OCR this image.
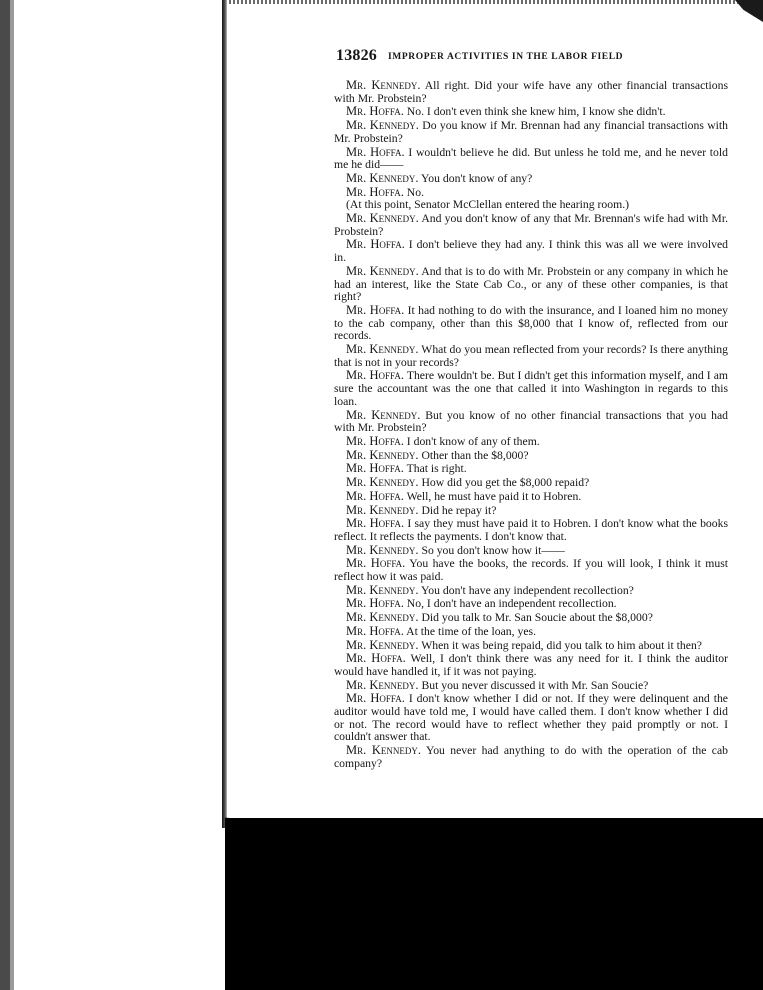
13826 IMPROPER ACTIVITIES IN THE LABOR FIELD

Mr. Kennedy. All right. Did your wife have any other financial transactions with Mr. Probstein?

Mr. Hoffa. No. I don't even think she knew him, I know she didn't.

Mr. Kennedy. Do you know if Mr. Brennan had any financial transactions with Mr. Probstein?

Mr. Hoffa. I wouldn't believe he did. But unless he told me, and he never told me he did——

Mr. Kennedy. You don't know of any?

Mr. Hoffa. No.

(At this point, Senator McClellan entered the hearing room.)

Mr. Kennedy. And you don't know of any that Mr. Brennan's wife had with Mr. Probstein?

Mr. Hoffa. I don't believe they had any. I think this was all we were involved in.

Mr. Kennedy. And that is to do with Mr. Probstein or any company in which he had an interest, like the State Cab Co., or any of these other companies, is that right?

Mr. Hoffa. It had nothing to do with the insurance, and I loaned him no money to the cab company, other than this $8,000 that I know of, reflected from our records.

Mr. Kennedy. What do you mean reflected from your records? Is there anything that is not in your records?

Mr. Hoffa. There wouldn't be. But I didn't get this information myself, and I am sure the accountant was the one that called it into Washington in regards to this loan.

Mr. Kennedy. But you know of no other financial transactions that you had with Mr. Probstein?

Mr. Hoffa. I don't know of any of them.

Mr. Kennedy. Other than the $8,000?

Mr. Hoffa. That is right.

Mr. Kennedy. How did you get the $8,000 repaid?

Mr. Hoffa. Well, he must have paid it to Hobren.

Mr. Kennedy. Did he repay it?

Mr. Hoffa. I say they must have paid it to Hobren. I don't know what the books reflect. It reflects the payments. I don't know that.

Mr. Kennedy. So you don't know how it——

Mr. Hoffa. You have the books, the records. If you will look, I think it must reflect how it was paid.

Mr. Kennedy. You don't have any independent recollection?

Mr. Hoffa. No, I don't have an independent recollection.

Mr. Kennedy. Did you talk to Mr. San Soucie about the $8,000?

Mr. Hoffa. At the time of the loan, yes.

Mr. Kennedy. When it was being repaid, did you talk to him about it then?

Mr. Hoffa. Well, I don't think there was any need for it. I think the auditor would have handled it, if it was not paying.

Mr. Kennedy. But you never discussed it with Mr. San Soucie?

Mr. Hoffa. I don't know whether I did or not. If they were delinquent and the auditor would have told me, I would have called them. I don't know whether I did or not. The record would have to reflect whether they paid promptly or not. I couldn't answer that.

Mr. Kennedy. You never had anything to do with the operation of the cab company?
